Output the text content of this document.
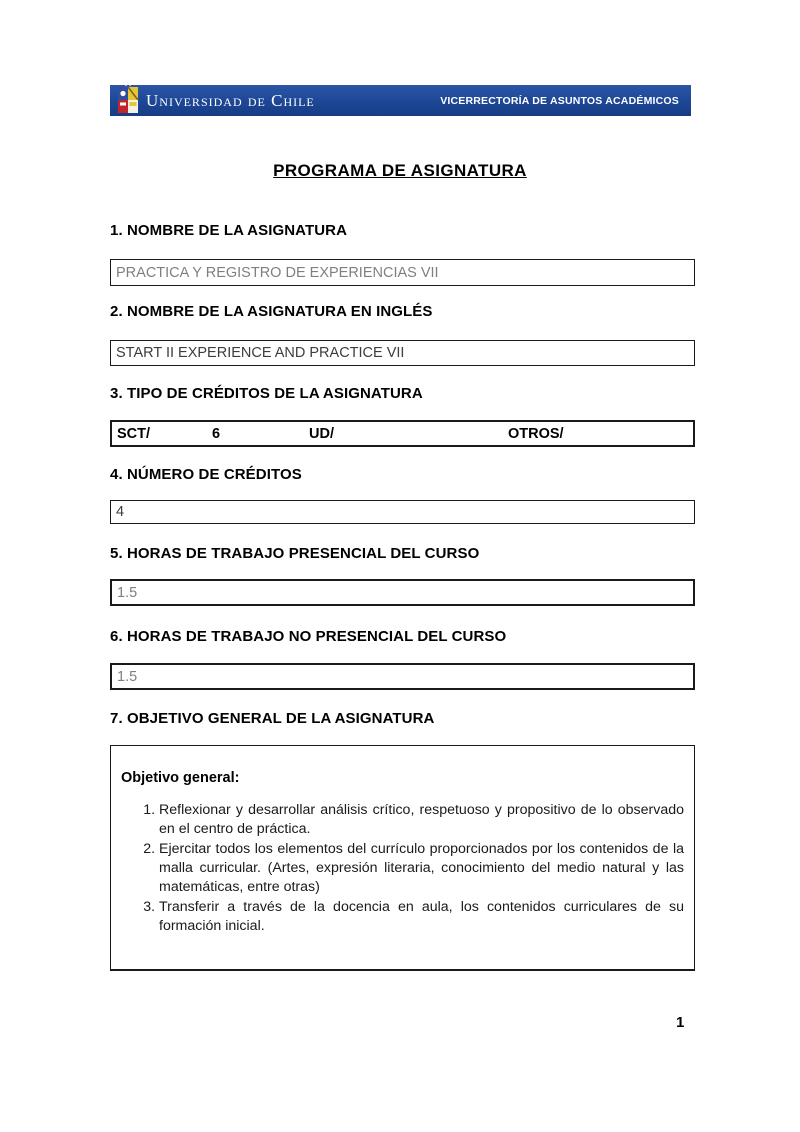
Universidad de Chile	VICERRECTORÍA DE ASUNTOS ACADÉMICOS
PROGRAMA DE ASIGNATURA
1. NOMBRE DE LA ASIGNATURA
PRACTICA Y REGISTRO DE EXPERIENCIAS VII
2. NOMBRE DE LA ASIGNATURA EN INGLÉS
START II EXPERIENCE AND PRACTICE VII
3. TIPO DE CRÉDITOS DE LA ASIGNATURA
SCT/	6	UD/	OTROS/
4. NÚMERO DE CRÉDITOS
4
5. HORAS DE TRABAJO PRESENCIAL DEL CURSO
1.5
6. HORAS DE TRABAJO NO PRESENCIAL DEL CURSO
1.5
7. OBJETIVO GENERAL DE LA ASIGNATURA
Objetivo general:
1. Reflexionar y desarrollar análisis crítico, respetuoso y propositivo de lo observado en el centro de práctica.
2. Ejercitar todos los elementos del currículo proporcionados por los contenidos de la malla curricular. (Artes, expresión literaria, conocimiento del medio natural y las matemáticas, entre otras)
3. Transferir a través de la docencia en aula, los contenidos curriculares de su formación inicial.
1
